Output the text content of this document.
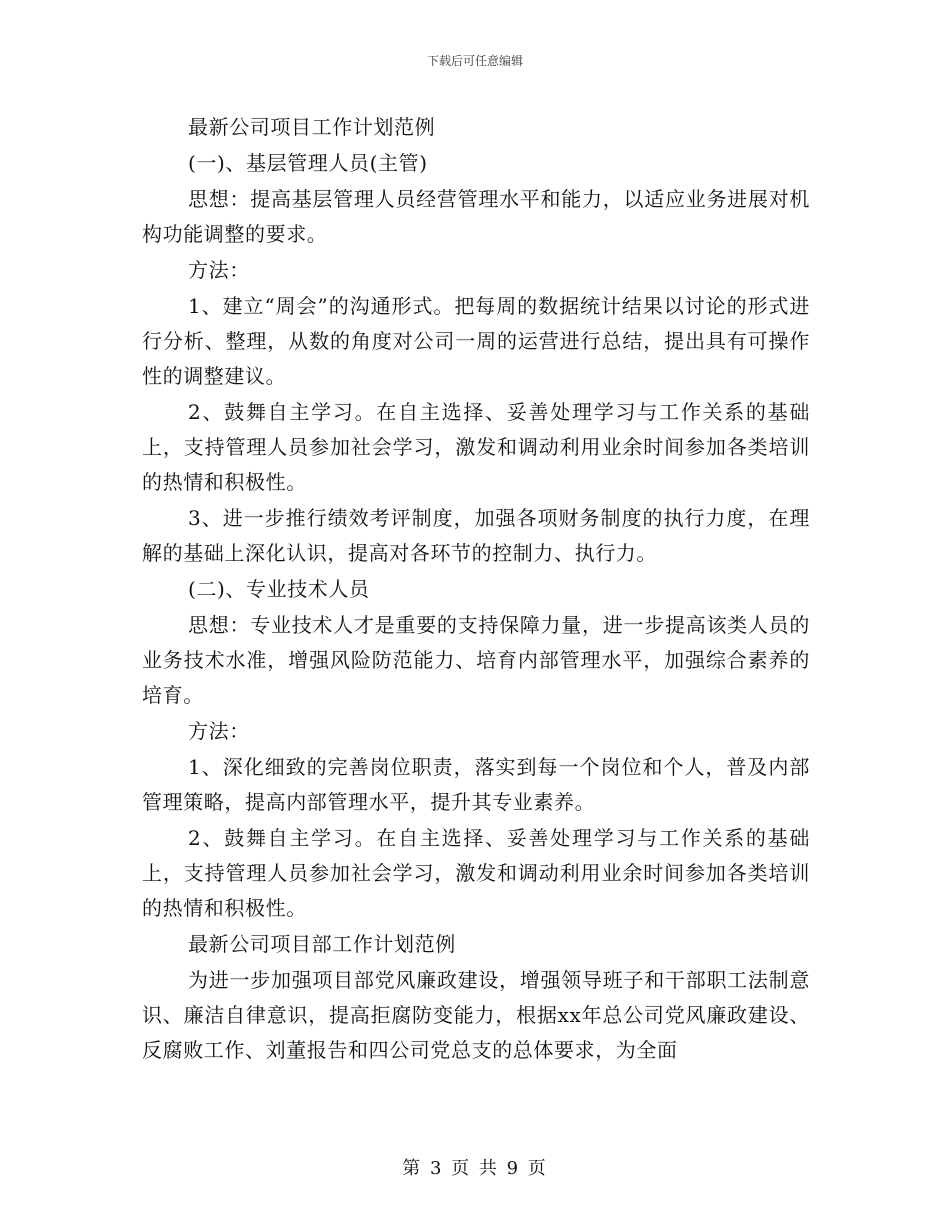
下载后可任意编辑

最新公司项目工作计划范例

(一)、基层管理人员(主管)

思想：提高基层管理人员经营管理水平和能力，以适应业务进展对机构功能调整的要求。

方法：

1、建立“周会”的沟通形式。把每周的数据统计结果以讨论的形式进行分析、整理，从数的角度对公司一周的运营进行总结，提出具有可操作性的调整建议。

2、鼓舞自主学习。在自主选择、妥善处理学习与工作关系的基础上，支持管理人员参加社会学习，激发和调动利用业余时间参加各类培训的热情和积极性。

3、进一步推行绩效考评制度，加强各项财务制度的执行力度，在理解的基础上深化认识，提高对各环节的控制力、执行力。

(二)、专业技术人员

思想：专业技术人才是重要的支持保障力量，进一步提高该类人员的业务技术水准，增强风险防范能力、培育内部管理水平，加强综合素养的培育。

方法：

1、深化细致的完善岗位职责，落实到每一个岗位和个人，普及内部管理策略，提高内部管理水平，提升其专业素养。

2、鼓舞自主学习。在自主选择、妥善处理学习与工作关系的基础上，支持管理人员参加社会学习，激发和调动利用业余时间参加各类培训的热情和积极性。

最新公司项目部工作计划范例

为进一步加强项目部党风廉政建设，增强领导班子和干部职工法制意识、廉洁自律意识，提高拒腐防变能力，根据xx年总公司党风廉政建设、反腐败工作、刘董报告和四公司党总支的总体要求，为全面

第 3 页 共 9 页
